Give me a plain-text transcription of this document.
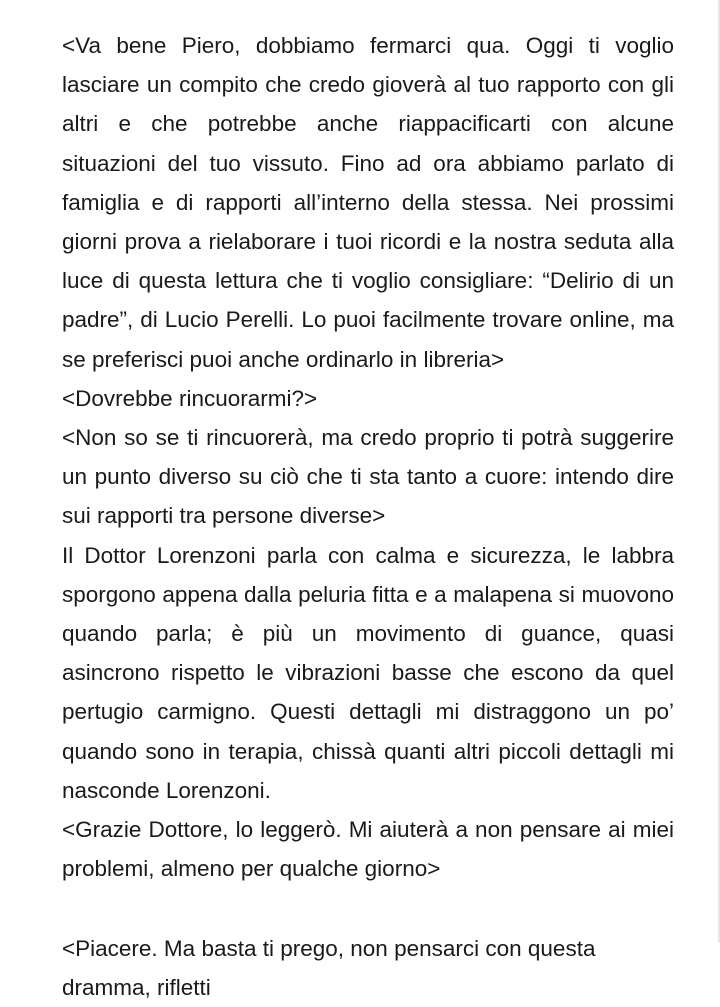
<Va bene Piero, dobbiamo fermarci qua. Oggi ti voglio lasciare un compito che credo gioverà al tuo rapporto con gli altri e che potrebbe anche riappacificarti con alcune situazioni del tuo vissuto. Fino ad ora abbiamo parlato di famiglia e di rapporti all’interno della stessa. Nei prossimi giorni prova a rielaborare i tuoi ricordi e la nostra seduta alla luce di questa lettura che ti voglio consigliare: “Delirio di un padre”, di Lucio Perelli. Lo puoi facilmente trovare online, ma se preferisci puoi anche ordinarlo in libreria>

<Dovrebbe rincuorarmi?>

<Non so se ti rincuorerà, ma credo proprio ti potrà suggerire un punto diverso su ciò che ti sta tanto a cuore: intendo dire sui rapporti tra persone diverse>

Il Dottor Lorenzoni parla con calma e sicurezza, le labbra sporgono appena dalla peluria fitta e a malapena si muovono quando parla; è più un movimento di guance, quasi asincrono rispetto le vibrazioni basse che escono da quel pertugio carmigno. Questi dettagli mi distraggono un po’ quando sono in terapia, chissà quanti altri piccoli dettagli mi nasconde Lorenzoni.

<Grazie Dottore, lo leggerò. Mi aiuterà a non pensare ai miei problemi, almeno per qualche giorno>

<Piacere. Ma basta ti prego, non pensarci con questa dramma, rifletti
